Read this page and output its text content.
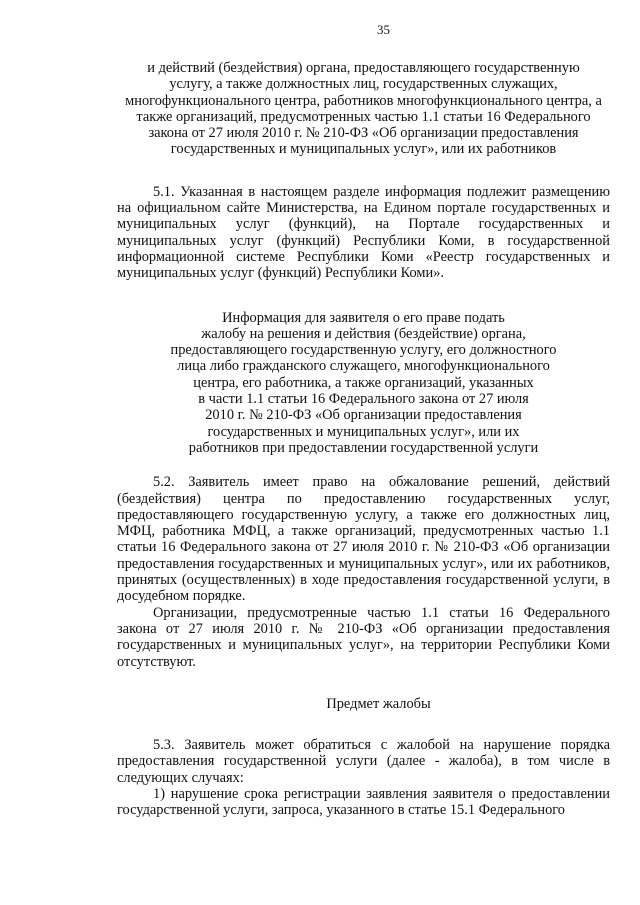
35
и действий (бездействия) органа, предоставляющего государственную
услугу, а также должностных лиц, государственных служащих,
многофункционального центра, работников многофункционального центра, а
также организаций, предусмотренных частью 1.1 статьи 16 Федерального
закона от 27 июля 2010 г. № 210-ФЗ «Об организации предоставления
государственных и муниципальных услуг», или их работников

5.1. Указанная в настоящем разделе информация подлежит размещению на официальном сайте Министерства, на Едином портале государственных и муниципальных услуг (функций), на Портале государственных и муниципальных услуг (функций) Республики Коми, в государственной информационной системе Республики Коми «Реестр государственных и муниципальных услуг (функций) Республики Коми».

Информация для заявителя о его праве подать
жалобу на решения и действия (бездействие) органа,
предоставляющего государственную услугу, его должностного
лица либо гражданского служащего, многофункционального
центра, его работника, а также организаций, указанных
в части 1.1 статьи 16 Федерального закона от 27 июля
2010 г. № 210-ФЗ «Об организации предоставления
государственных и муниципальных услуг», или их
работников при предоставлении государственной услуги

5.2. Заявитель имеет право на обжалование решений, действий (бездействия) центра по предоставлению государственных услуг, предоставляющего государственную услугу, а также его должностных лиц, МФЦ, работника МФЦ, а также организаций, предусмотренных частью 1.1 статьи 16 Федерального закона от 27 июля 2010 г. № 210-ФЗ «Об организации предоставления государственных и муниципальных услуг», или их работников, принятых (осуществленных) в ходе предоставления государственной услуги, в досудебном порядке.

Организации, предусмотренные частью 1.1 статьи 16 Федерального закона от 27 июля 2010 г. № 210-ФЗ «Об организации предоставления государственных и муниципальных услуг», на территории Республики Коми отсутствуют.

Предмет жалобы

5.3. Заявитель может обратиться с жалобой на нарушение порядка предоставления государственной услуги (далее - жалоба), в том числе в следующих случаях:

1) нарушение срока регистрации заявления заявителя о предоставлении государственной услуги, запроса, указанного в статье 15.1 Федерального
